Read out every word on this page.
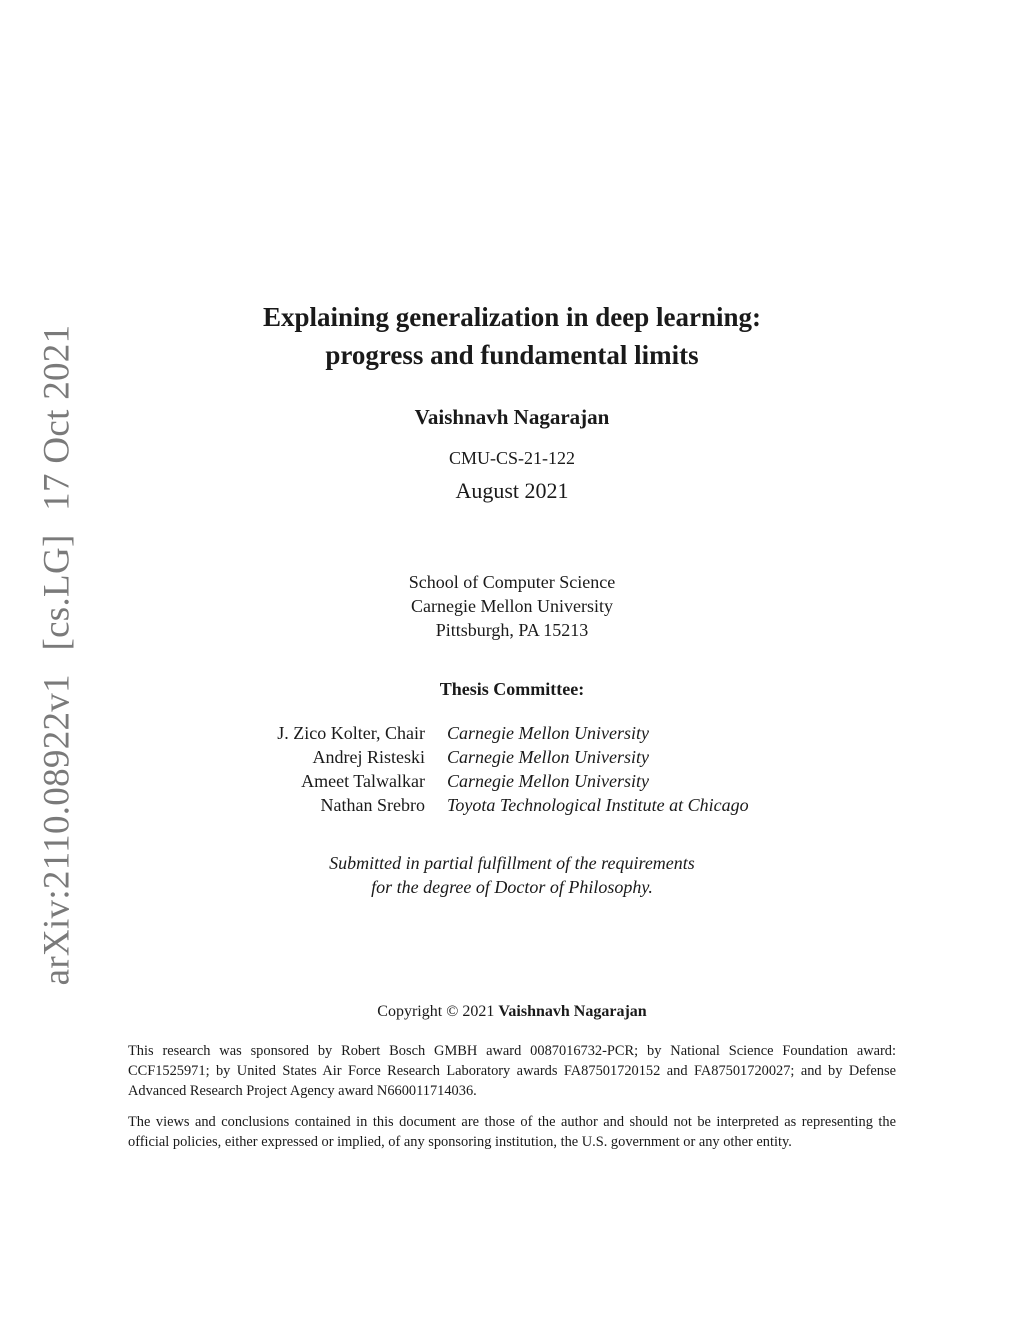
arXiv:2110.08922v1 [cs.LG] 17 Oct 2021
Explaining generalization in deep learning:
progress and fundamental limits
Vaishnavh Nagarajan
CMU-CS-21-122
August 2021
School of Computer Science
Carnegie Mellon University
Pittsburgh, PA 15213
Thesis Committee:
J. Zico Kolter, Chair	Carnegie Mellon University
Andrej Risteski	Carnegie Mellon University
Ameet Talwalkar	Carnegie Mellon University
Nathan Srebro	Toyota Technological Institute at Chicago
Submitted in partial fulfillment of the requirements
for the degree of Doctor of Philosophy.
Copyright © 2021 Vaishnavh Nagarajan
This research was sponsored by Robert Bosch GMBH award 0087016732-PCR; by National Science Foundation award: CCF1525971; by United States Air Force Research Laboratory awards FA87501720152 and FA87501720027; and by Defense Advanced Research Project Agency award N660011714036.
The views and conclusions contained in this document are those of the author and should not be interpreted as representing the official policies, either expressed or implied, of any sponsoring institution, the U.S. government or any other entity.
